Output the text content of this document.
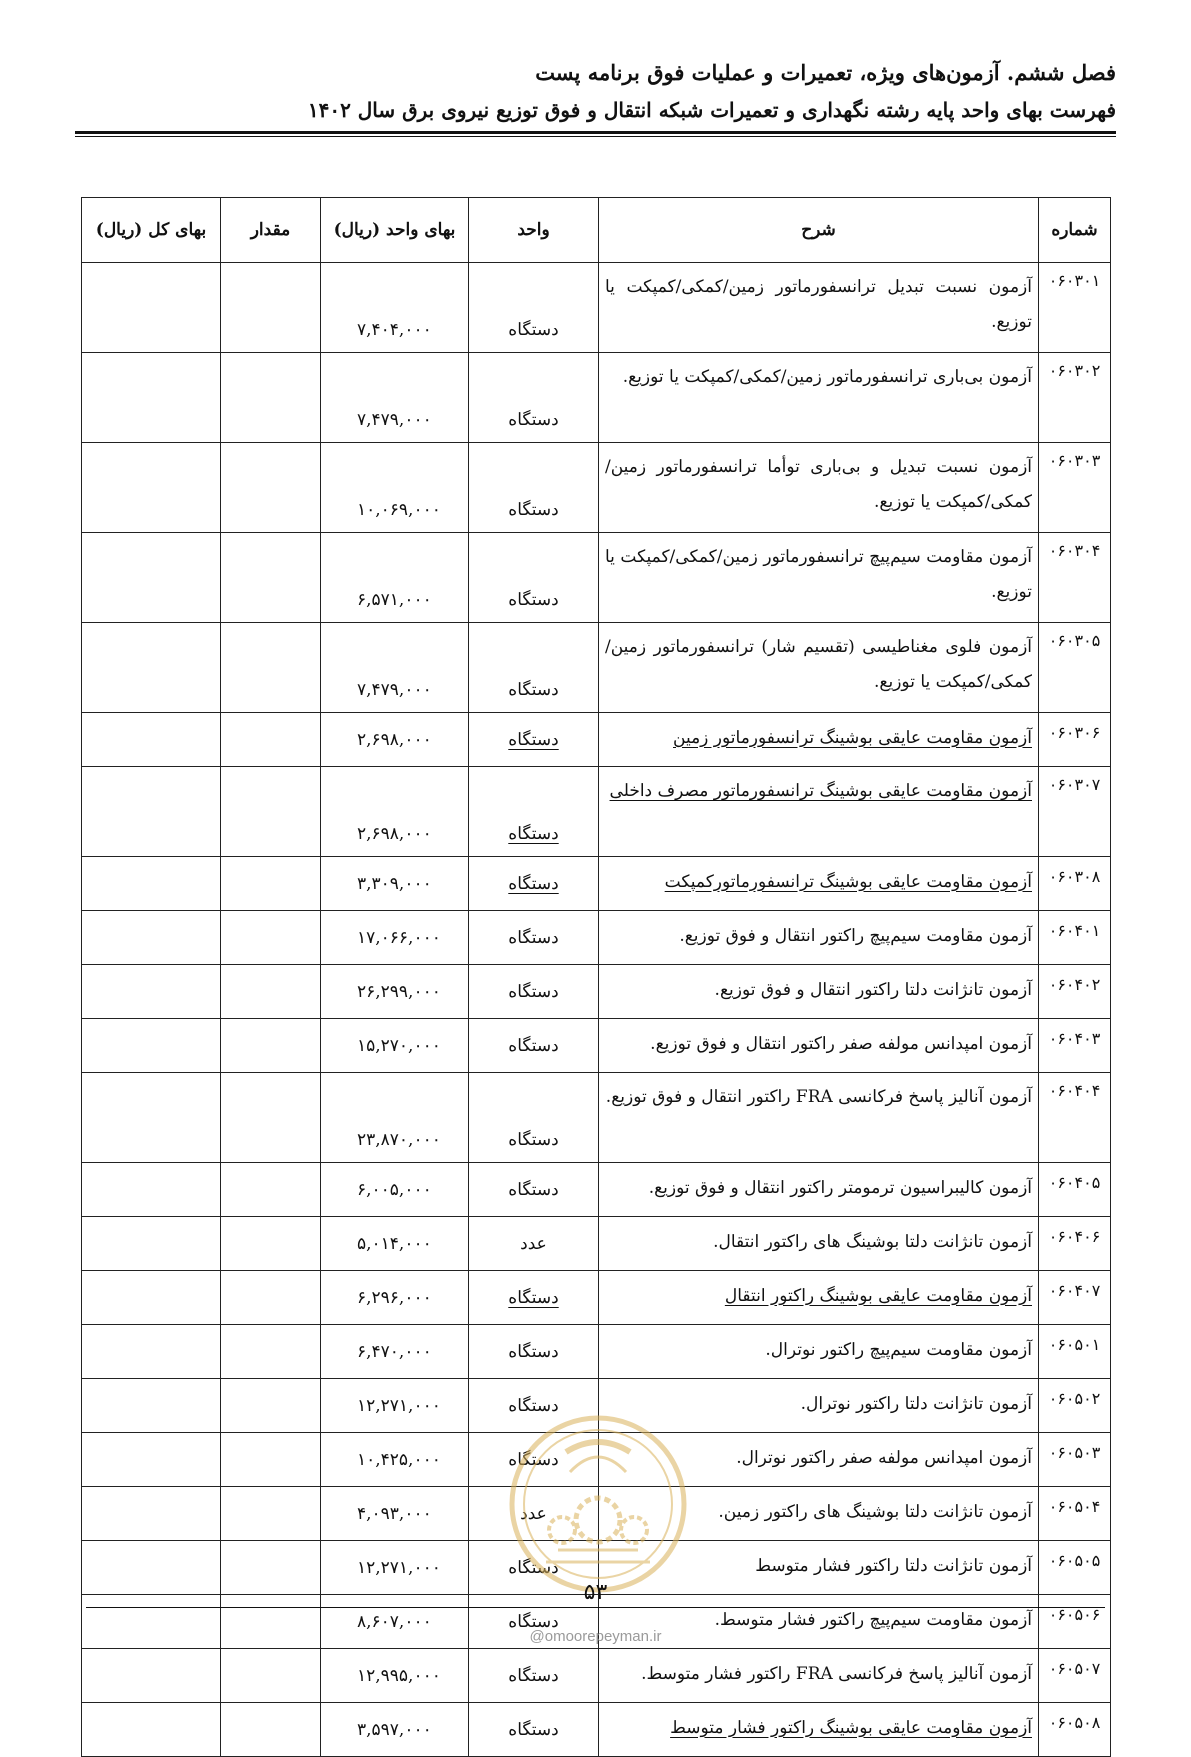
فصل ششم. آزمون‌های ویژه، تعمیرات و عملیات فوق برنامه پست
فهرست بهای واحد پایه رشته نگهداری و تعمیرات شبکه انتقال و فوق توزیع نیروی برق سال ۱۴۰۲
شماره	شرح	واحد	بهای واحد (ریال)	مقدار	بهای کل (ریال)
۰۶۰۳۰۱	آزمون نسبت تبدیل ترانسفورماتور زمین/کمکی/کمپکت یا توزیع.	دستگاه	۷,۴۰۴,۰۰۰		
۰۶۰۳۰۲	آزمون بی‌باری ترانسفورماتور زمین/کمکی/کمپکت یا توزیع.	دستگاه	۷,۴۷۹,۰۰۰		
۰۶۰۳۰۳	آزمون نسبت تبدیل و بی‌باری توأما ترانسفورماتور زمین/کمکی/کمپکت یا توزیع.	دستگاه	۱۰,۰۶۹,۰۰۰		
۰۶۰۳۰۴	آزمون مقاومت سیم‌پیچ ترانسفورماتور زمین/کمکی/کمپکت یا توزیع.	دستگاه	۶,۵۷۱,۰۰۰		
۰۶۰۳۰۵	آزمون فلوی مغناطیسی (تقسیم شار) ترانسفورماتور زمین/کمکی/کمپکت یا توزیع.	دستگاه	۷,۴۷۹,۰۰۰		
۰۶۰۳۰۶	آزمون مقاومت عایقی بوشینگ ترانسفورماتور زمین	دستگاه	۲,۶۹۸,۰۰۰		
۰۶۰۳۰۷	آزمون مقاومت عایقی بوشینگ ترانسفورماتور مصرف داخلی	دستگاه	۲,۶۹۸,۰۰۰		
۰۶۰۳۰۸	آزمون مقاومت عایقی بوشینگ ترانسفورماتورکمپکت	دستگاه	۳,۳۰۹,۰۰۰		
۰۶۰۴۰۱	آزمون مقاومت سیم‌پیچ راکتور انتقال و فوق توزیع.	دستگاه	۱۷,۰۶۶,۰۰۰		
۰۶۰۴۰۲	آزمون تانژانت دلتا راکتور انتقال و فوق توزیع.	دستگاه	۲۶,۲۹۹,۰۰۰		
۰۶۰۴۰۳	آزمون امپدانس مولفه صفر راکتور انتقال و فوق توزیع.	دستگاه	۱۵,۲۷۰,۰۰۰		
۰۶۰۴۰۴	آزمون آنالیز پاسخ فرکانسی FRA راکتور انتقال و فوق توزیع.	دستگاه	۲۳,۸۷۰,۰۰۰		
۰۶۰۴۰۵	آزمون کالیبراسیون ترمومتر راکتور انتقال و فوق توزیع.	دستگاه	۶,۰۰۵,۰۰۰		
۰۶۰۴۰۶	آزمون تانژانت دلتا بوشینگ های راکتور انتقال.	عدد	۵,۰۱۴,۰۰۰		
۰۶۰۴۰۷	آزمون مقاومت عایقی بوشینگ راکتور انتقال	دستگاه	۶,۲۹۶,۰۰۰		
۰۶۰۵۰۱	آزمون مقاومت سیم‌پیچ راکتور نوترال.	دستگاه	۶,۴۷۰,۰۰۰		
۰۶۰۵۰۲	آزمون تانژانت دلتا راکتور نوترال.	دستگاه	۱۲,۲۷۱,۰۰۰		
۰۶۰۵۰۳	آزمون امپدانس مولفه صفر راکتور نوترال.	دستگاه	۱۰,۴۲۵,۰۰۰		
۰۶۰۵۰۴	آزمون تانژانت دلتا بوشینگ های راکتور زمین.	عدد	۴,۰۹۳,۰۰۰		
۰۶۰۵۰۵	آزمون تانژانت دلتا راکتور فشار متوسط	دستگاه	۱۲,۲۷۱,۰۰۰		
۰۶۰۵۰۶	آزمون مقاومت سیم‌پیچ راکتور فشار متوسط.	دستگاه	۸,۶۰۷,۰۰۰		
۰۶۰۵۰۷	آزمون آنالیز پاسخ فرکانسی FRA راکتور فشار متوسط.	دستگاه	۱۲,۹۹۵,۰۰۰		
۰۶۰۵۰۸	آزمون مقاومت عایقی بوشینگ راکتور فشار متوسط	دستگاه	۳,۵۹۷,۰۰۰		
۵۳
@omoorepeyman.ir
